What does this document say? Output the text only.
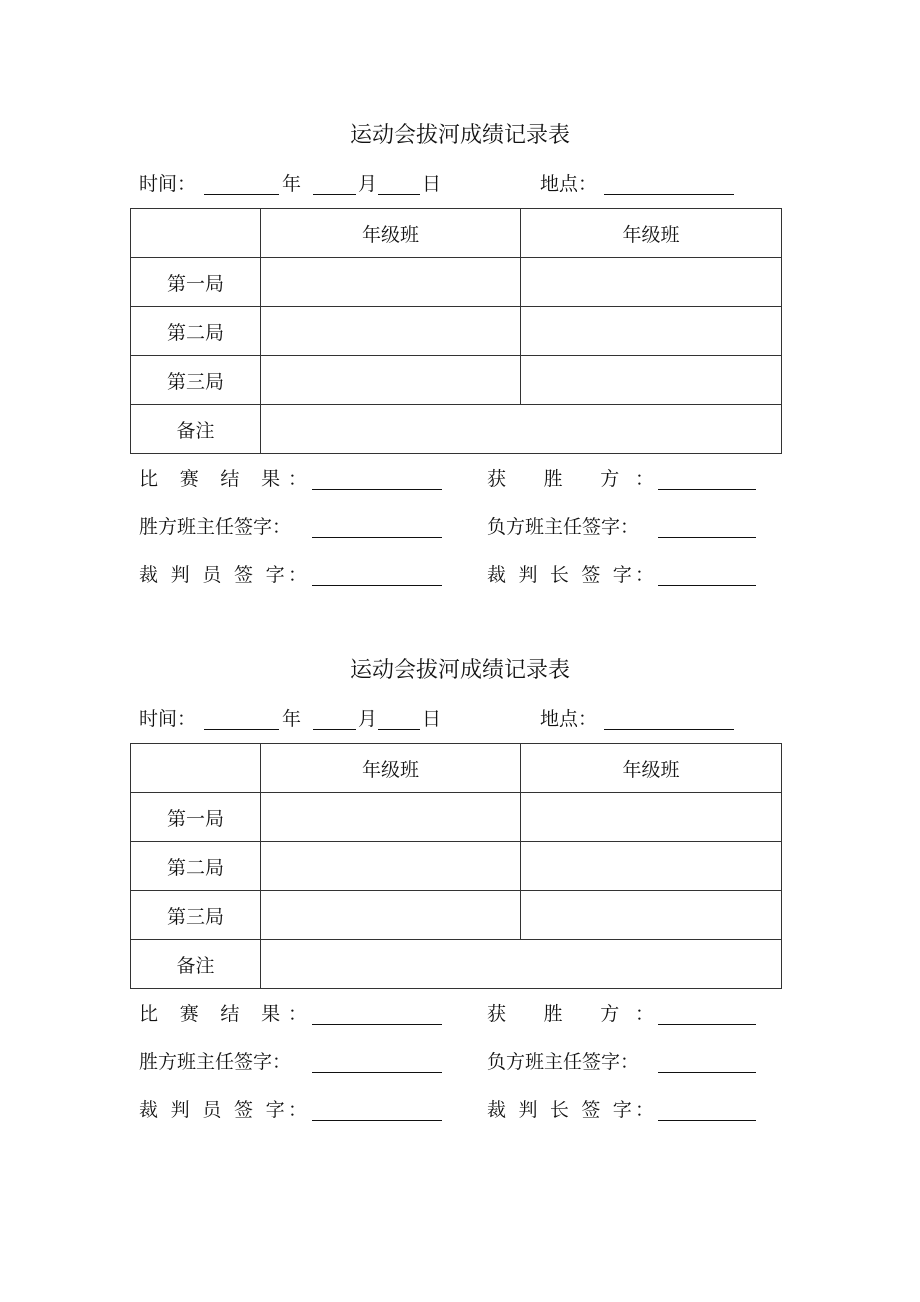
运动会拔河成绩记录表
时间：	年	月 日	地点：
	年级班	年级班
第一局		
第二局		
第三局		
备注		
比 赛 结 果：	获 胜 方：
胜方班主任签字：	负方班主任签字：
裁 判 员 签 字：	裁 判 长 签 字：
运动会拔河成绩记录表
时间：	年	月 日	地点：
	年级班	年级班
第一局		
第二局		
第三局		
备注		
比 赛 结 果：	获 胜 方：
胜方班主任签字：	负方班主任签字：
裁 判 员 签 字：	裁 判 长 签 字：
